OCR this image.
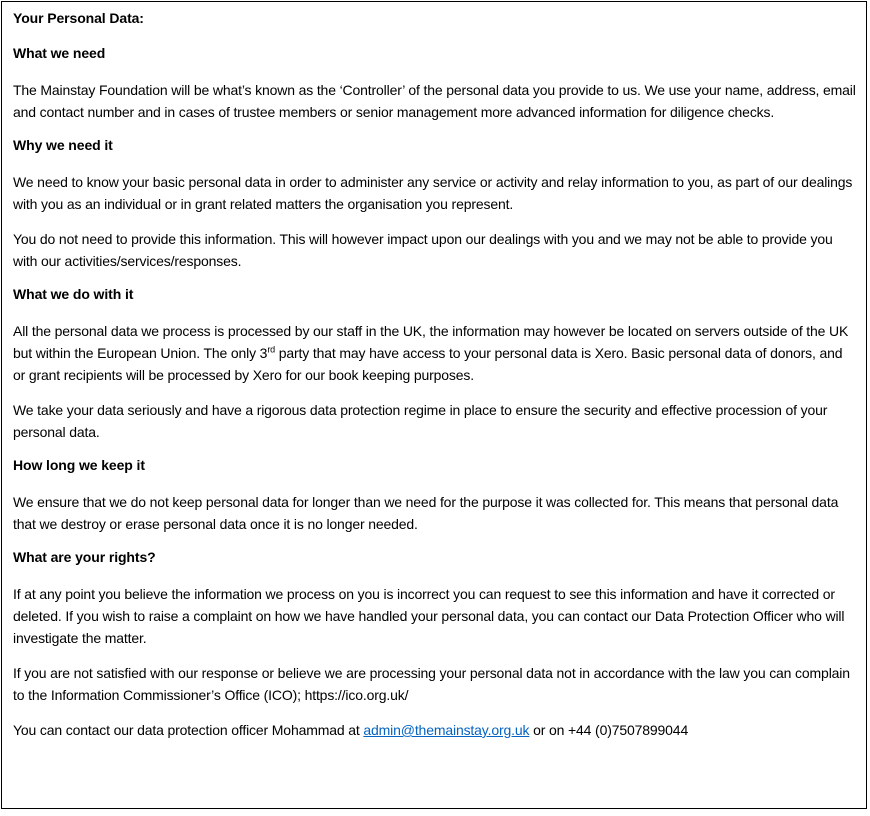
Your Personal Data:
What we need

The Mainstay Foundation will be what’s known as the ‘Controller’ of the personal data you provide to us. We use your name, address, email and contact number and in cases of trustee members or senior management more advanced information for diligence checks.

Why we need it

We need to know your basic personal data in order to administer any service or activity and relay information to you, as part of our dealings with you as an individual or in grant related matters the organisation you represent.

You do not need to provide this information. This will however impact upon our dealings with you and we may not be able to provide you with our activities/services/responses.

What we do with it

All the personal data we process is processed by our staff in the UK, the information may however be located on servers outside of the UK but within the European Union. The only 3rd party that may have access to your personal data is Xero. Basic personal data of donors, and or grant recipients will be processed by Xero for our book keeping purposes.

We take your data seriously and have a rigorous data protection regime in place to ensure the security and effective procession of your personal data.

How long we keep it

We ensure that we do not keep personal data for longer than we need for the purpose it was collected for. This means that personal data that we destroy or erase personal data once it is no longer needed.

What are your rights?

If at any point you believe the information we process on you is incorrect you can request to see this information and have it corrected or deleted. If you wish to raise a complaint on how we have handled your personal data, you can contact our Data Protection Officer who will investigate the matter.

If you are not satisfied with our response or believe we are processing your personal data not in accordance with the law you can complain to the Information Commissioner’s Office (ICO); https://ico.org.uk/

You can contact our data protection officer Mohammad at admin@themainstay.org.uk or on +44 (0)7507899044
